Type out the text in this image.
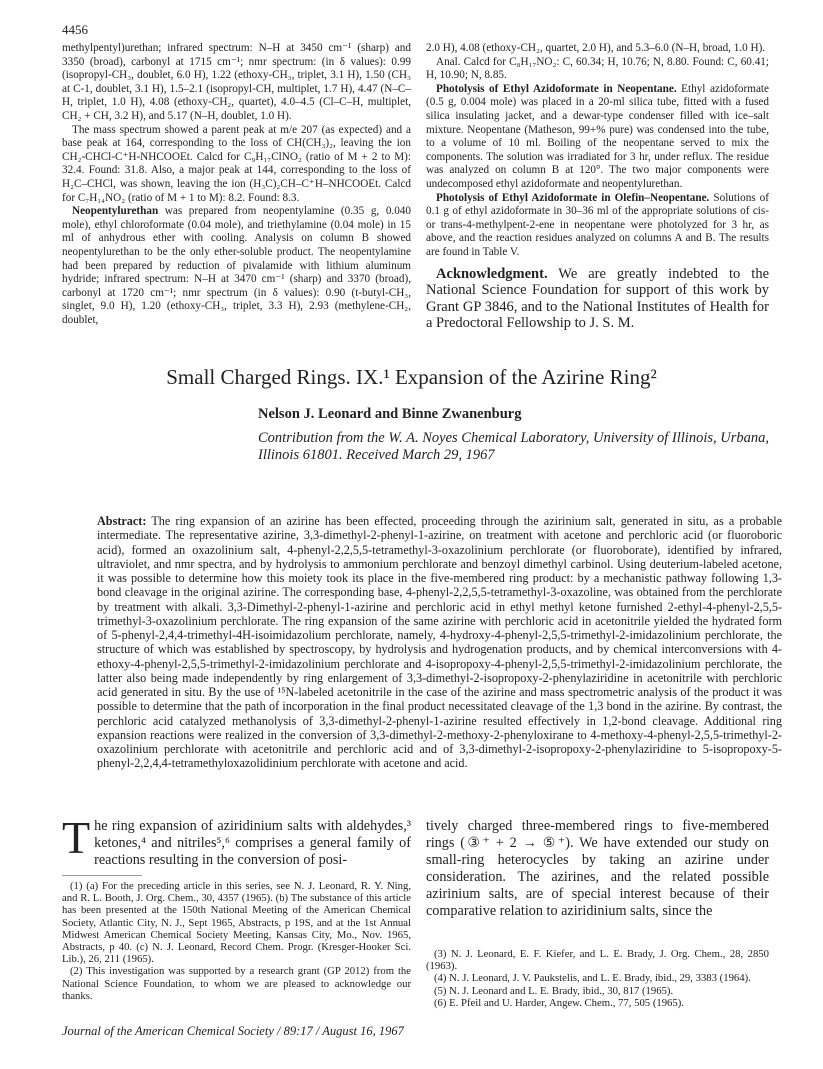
4456

methylpentyl)urethan; infrared spectrum: N–H at 3450 cm⁻¹ (sharp) and 3350 (broad), carbonyl at 1715 cm⁻¹; nmr spectrum: (in δ values): 0.99 (isopropyl-CH₃, doublet, 6.0 H), 1.22 (ethoxy-CH₃, triplet, 3.1 H), 1.50 (CH₃ at C-1, doublet, 3.1 H), 1.5–2.1 (isopropyl-CH, multiplet, 1.7 H), 4.47 (N–C–H, triplet, 1.0 H), 4.08 (ethoxy-CH₂, quartet), 4.0–4.5 (Cl–C–H, multiplet, CH₂ + CH, 3.2 H), and 5.17 (N–H, doublet, 1.0 H).

The mass spectrum showed a parent peak at m/e 207 (as expected) and a base peak at 164, corresponding to the loss of CH(CH₃)₂, leaving the ion CH₂-CHCl-C⁺H-NHCOOEt. Calcd for C₉H₁₇ClNO₂ (ratio of M + 2 to M): 32.4. Found: 31.8. Also, a major peak at 144, corresponding to the loss of H₂C–CHCl, was shown, leaving the ion (H₃C)₂CH–C⁺H–NHCOOEt. Calcd for C₇H₁₄NO₂ (ratio of M + 1 to M): 8.2. Found: 8.3.

Neopentylurethan was prepared from neopentylamine (0.35 g, 0.040 mole), ethyl chloroformate (0.04 mole), and triethylamine (0.04 mole) in 15 ml of anhydrous ether with cooling. Analysis on column B showed neopentylurethan to be the only ether-soluble product. The neopentylamine had been prepared by reduction of pivalamide with lithium aluminum hydride; infrared spectrum: N–H at 3470 cm⁻¹ (sharp) and 3370 (broad), carbonyl at 1720 cm⁻¹; nmr spectrum (in δ values): 0.90 (t-butyl-CH₃, singlet, 9.0 H), 1.20 (ethoxy-CH₃, triplet, 3.3 H), 2.93 (methylene-CH₂, doublet,

2.0 H), 4.08 (ethoxy-CH₂, quartet, 2.0 H), and 5.3–6.0 (N–H, broad, 1.0 H).

Anal. Calcd for C₈H₁₇NO₂: C, 60.34; H, 10.76; N, 8.80. Found: C, 60.41; H, 10.90; N, 8.85.

Photolysis of Ethyl Azidoformate in Neopentane. Ethyl azidoformate (0.5 g, 0.004 mole) was placed in a 20-ml silica tube, fitted with a fused silica insulating jacket, and a dewar-type condenser filled with ice–salt mixture. Neopentane (Matheson, 99+% pure) was condensed into the tube, to a volume of 10 ml. Boiling of the neopentane served to mix the components. The solution was irradiated for 3 hr, under reflux. The residue was analyzed on column B at 120°. The two major components were undecomposed ethyl azidoformate and neopentylurethan.

Photolysis of Ethyl Azidoformate in Olefin–Neopentane. Solutions of 0.1 g of ethyl azidoformate in 30–36 ml of the appropriate solutions of cis- or trans-4-methylpent-2-ene in neopentane were photolyzed for 3 hr, as above, and the reaction residues analyzed on columns A and B. The results are found in Table V.

Acknowledgment. We are greatly indebted to the National Science Foundation for support of this work by Grant GP 3846, and to the National Institutes of Health for a Predoctoral Fellowship to J. S. M.

Small Charged Rings. IX.¹ Expansion of the Azirine Ring²
Nelson J. Leonard and Binne Zwanenburg
Contribution from the W. A. Noyes Chemical Laboratory, University of Illinois, Urbana, Illinois 61801. Received March 29, 1967
Abstract: The ring expansion of an azirine has been effected, proceeding through the azirinium salt, generated in situ, as a probable intermediate. The representative azirine, 3,3-dimethyl-2-phenyl-1-azirine, on treatment with acetone and perchloric acid (or fluoroboric acid), formed an oxazolinium salt, 4-phenyl-2,2,5,5-tetramethyl-3-oxazolinium perchlorate (or fluoroborate), identified by infrared, ultraviolet, and nmr spectra, and by hydrolysis to ammonium perchlorate and benzoyl dimethyl carbinol. Using deuterium-labeled acetone, it was possible to determine how this moiety took its place in the five-membered ring product: by a mechanistic pathway following 1,3-bond cleavage in the original azirine. The corresponding base, 4-phenyl-2,2,5,5-tetramethyl-3-oxazoline, was obtained from the perchlorate by treatment with alkali. 3,3-Dimethyl-2-phenyl-1-azirine and perchloric acid in ethyl methyl ketone furnished 2-ethyl-4-phenyl-2,5,5-trimethyl-3-oxazolinium perchlorate. The ring expansion of the same azirine with perchloric acid in acetonitrile yielded the hydrated form of 5-phenyl-2,4,4-trimethyl-4H-isoimidazolium perchlorate, namely, 4-hydroxy-4-phenyl-2,5,5-trimethyl-2-imidazolinium perchlorate, the structure of which was established by spectroscopy, by hydrolysis and hydrogenation products, and by chemical interconversions with 4-ethoxy-4-phenyl-2,5,5-trimethyl-2-imidazolinium perchlorate and 4-isopropoxy-4-phenyl-2,5,5-trimethyl-2-imidazolinium perchlorate, the latter also being made independently by ring enlargement of 3,3-dimethyl-2-isopropoxy-2-phenylaziridine in acetonitrile with perchloric acid generated in situ. By the use of ¹⁵N-labeled acetonitrile in the case of the azirine and mass spectrometric analysis of the product it was possible to determine that the path of incorporation in the final product necessitated cleavage of the 1,3 bond in the azirine. By contrast, the perchloric acid catalyzed methanolysis of 3,3-dimethyl-2-phenyl-1-azirine resulted effectively in 1,2-bond cleavage. Additional ring expansion reactions were realized in the conversion of 3,3-dimethyl-2-methoxy-2-phenyloxirane to 4-methoxy-4-phenyl-2,5,5-trimethyl-2-oxazolinium perchlorate with acetonitrile and perchloric acid and of 3,3-dimethyl-2-isopropoxy-2-phenylaziridine to 5-isopropoxy-5-phenyl-2,2,4,4-tetramethyloxazolidinium perchlorate with acetone and acid.
The ring expansion of aziridinium salts with aldehydes,³ ketones,⁴ and nitriles⁵,⁶ comprises a general family of reactions resulting in the conversion of posi-

(1) (a) For the preceding article in this series, see N. J. Leonard, R. Y. Ning, and R. L. Booth, J. Org. Chem., 30, 4357 (1965). (b) The substance of this article has been presented at the 150th National Meeting of the American Chemical Society, Atlantic City, N. J., Sept 1965, Abstracts, p 19S, and at the 1st Annual Midwest American Chemical Society Meeting, Kansas City, Mo., Nov. 1965, Abstracts, p 40. (c) N. J. Leonard, Record Chem. Progr. (Kresger-Hooker Sci. Lib.), 26, 211 (1965).

(2) This investigation was supported by a research grant (GP 2012) from the National Science Foundation, to whom we are pleased to acknowledge our thanks.

tively charged three-membered rings to five-membered rings (③⁺ + 2 → ⑤⁺). We have extended our study on small-ring heterocycles by taking an azirine under consideration. The azirines, and the related possible azirinium salts, are of special interest because of their comparative relation to aziridinium salts, since the

(3) N. J. Leonard, E. F. Kiefer, and L. E. Brady, J. Org. Chem., 28, 2850 (1963).

(4) N. J. Leonard, J. V. Paukstelis, and L. E. Brady, ibid., 29, 3383 (1964).

(5) N. J. Leonard and L. E. Brady, ibid., 30, 817 (1965).

(6) E. Pfeil and U. Harder, Angew. Chem., 77, 505 (1965).

Journal of the American Chemical Society / 89:17 / August 16, 1967
